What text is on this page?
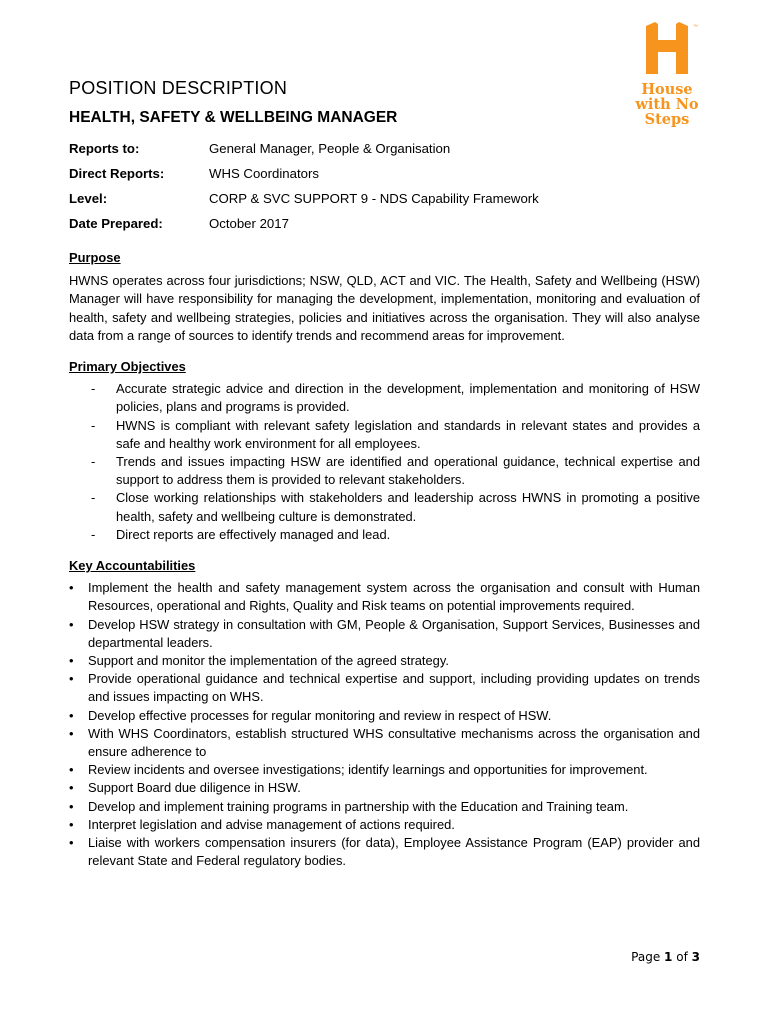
™
House
with No
Steps
POSITION DESCRIPTION
HEALTH, SAFETY & WELLBEING MANAGER
Reports to:	General Manager, People & Organisation
Direct Reports:	WHS Coordinators
Level:	CORP & SVC SUPPORT 9 - NDS Capability Framework
Date Prepared:	October 2017

Purpose

HWNS operates across four jurisdictions; NSW, QLD, ACT and VIC. The Health, Safety and Wellbeing (HSW) Manager will have responsibility for managing the development, implementation, monitoring and evaluation of health, safety and wellbeing strategies, policies and initiatives across the organisation. They will also analyse data from a range of sources to identify trends and recommend areas for improvement.

Primary Objectives

- Accurate strategic advice and direction in the development, implementation and monitoring of HSW policies, plans and programs is provided.
- HWNS is compliant with relevant safety legislation and standards in relevant states and provides a safe and healthy work environment for all employees.
- Trends and issues impacting HSW are identified and operational guidance, technical expertise and support to address them is provided to relevant stakeholders.
- Close working relationships with stakeholders and leadership across HWNS in promoting a positive health, safety and wellbeing culture is demonstrated.
- Direct reports are effectively managed and lead.

Key Accountabilities

• Implement the health and safety management system across the organisation and consult with Human Resources, operational and Rights, Quality and Risk teams on potential improvements required.
• Develop HSW strategy in consultation with GM, People & Organisation, Support Services, Businesses and departmental leaders.
• Support and monitor the implementation of the agreed strategy.
• Provide operational guidance and technical expertise and support, including providing updates on trends and issues impacting on WHS.
• Develop effective processes for regular monitoring and review in respect of HSW.
• With WHS Coordinators, establish structured WHS consultative mechanisms across the organisation and ensure adherence to
• Review incidents and oversee investigations; identify learnings and opportunities for improvement.
• Support Board due diligence in HSW.
• Develop and implement training programs in partnership with the Education and Training team.
• Interpret legislation and advise management of actions required.
• Liaise with workers compensation insurers (for data), Employee Assistance Program (EAP) provider and relevant State and Federal regulatory bodies.
Page 1 of 3
